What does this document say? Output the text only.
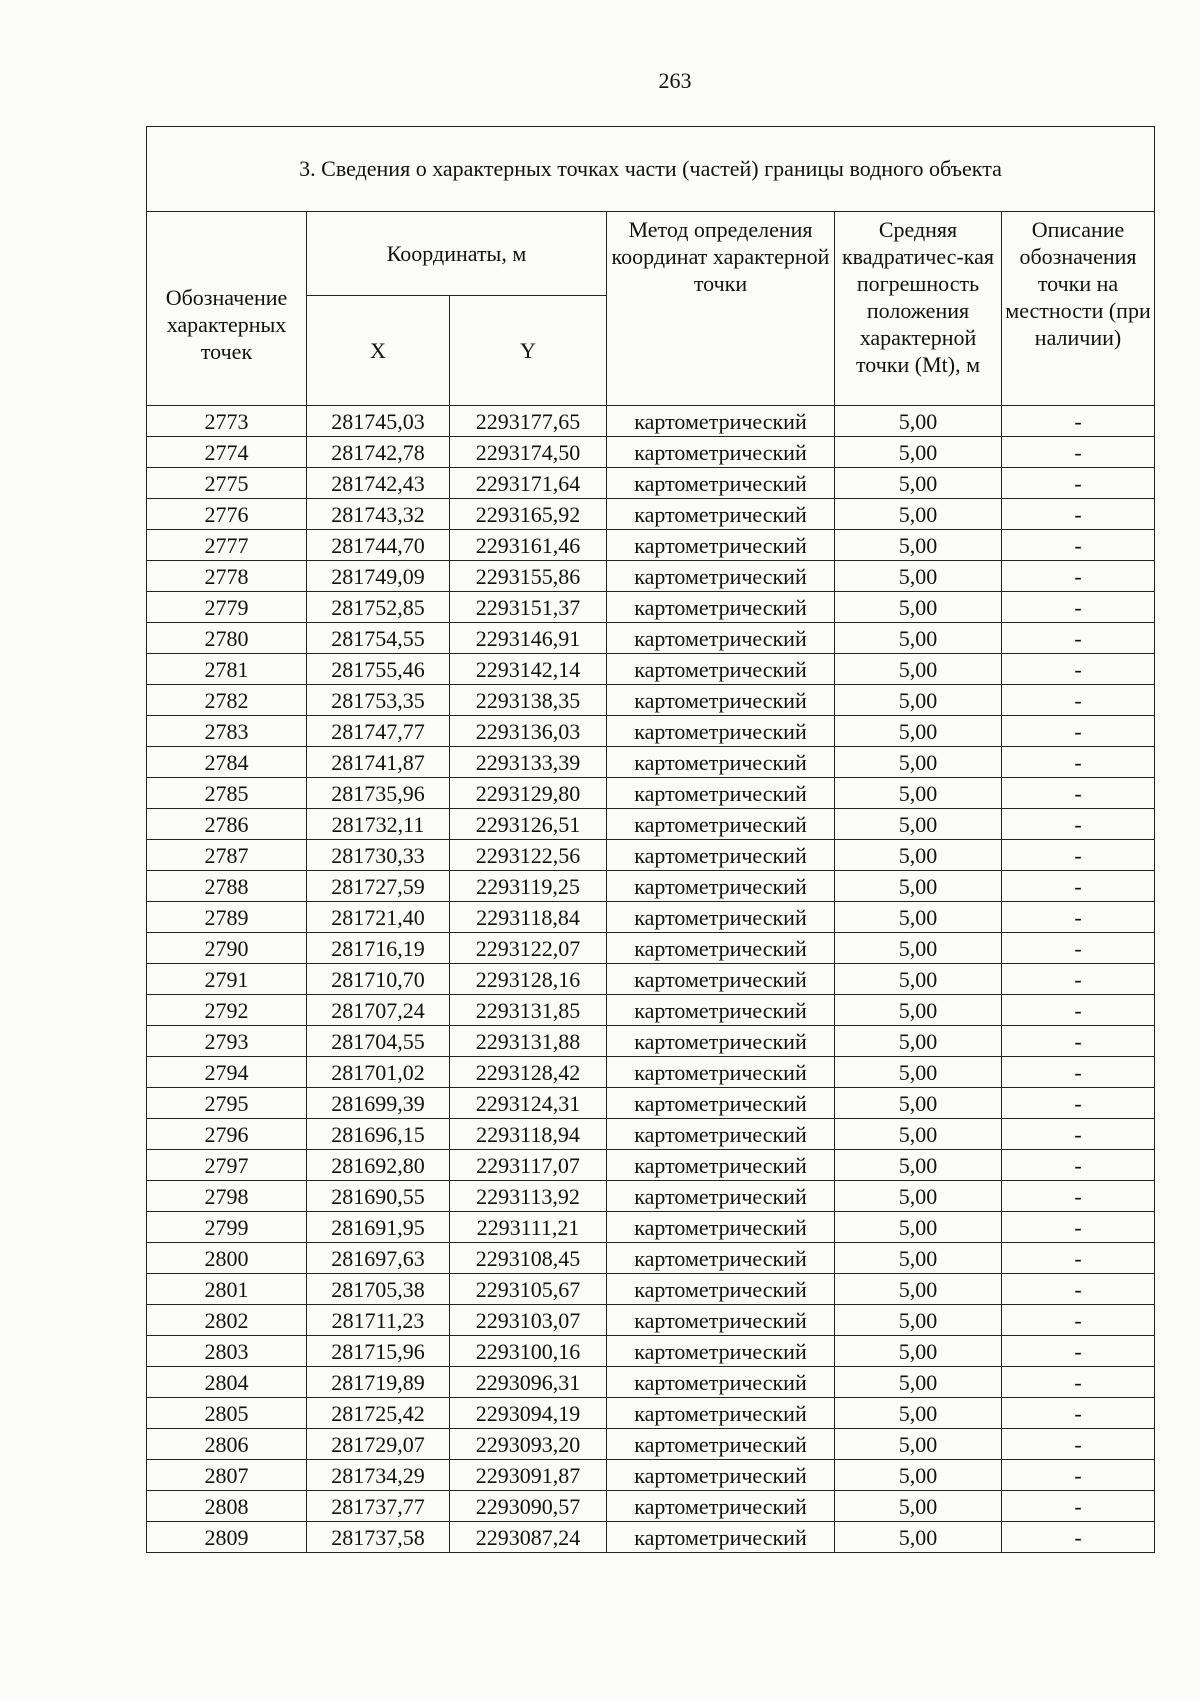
263
3. Сведения о характерных точках части (частей) границы водного объекта					
Обозначение характерных точек	Координаты, м		Метод определения координат характерной точки	Средняя квадратичес-кая погрешность положения характерной точки (Mt), м	Описание обозначения точки на местности (при наличии)
	X	Y			
2773	281745,03	2293177,65	картометрический	5,00	-
2774	281742,78	2293174,50	картометрический	5,00	-
2775	281742,43	2293171,64	картометрический	5,00	-
2776	281743,32	2293165,92	картометрический	5,00	-
2777	281744,70	2293161,46	картометрический	5,00	-
2778	281749,09	2293155,86	картометрический	5,00	-
2779	281752,85	2293151,37	картометрический	5,00	-
2780	281754,55	2293146,91	картометрический	5,00	-
2781	281755,46	2293142,14	картометрический	5,00	-
2782	281753,35	2293138,35	картометрический	5,00	-
2783	281747,77	2293136,03	картометрический	5,00	-
2784	281741,87	2293133,39	картометрический	5,00	-
2785	281735,96	2293129,80	картометрический	5,00	-
2786	281732,11	2293126,51	картометрический	5,00	-
2787	281730,33	2293122,56	картометрический	5,00	-
2788	281727,59	2293119,25	картометрический	5,00	-
2789	281721,40	2293118,84	картометрический	5,00	-
2790	281716,19	2293122,07	картометрический	5,00	-
2791	281710,70	2293128,16	картометрический	5,00	-
2792	281707,24	2293131,85	картометрический	5,00	-
2793	281704,55	2293131,88	картометрический	5,00	-
2794	281701,02	2293128,42	картометрический	5,00	-
2795	281699,39	2293124,31	картометрический	5,00	-
2796	281696,15	2293118,94	картометрический	5,00	-
2797	281692,80	2293117,07	картометрический	5,00	-
2798	281690,55	2293113,92	картометрический	5,00	-
2799	281691,95	2293111,21	картометрический	5,00	-
2800	281697,63	2293108,45	картометрический	5,00	-
2801	281705,38	2293105,67	картометрический	5,00	-
2802	281711,23	2293103,07	картометрический	5,00	-
2803	281715,96	2293100,16	картометрический	5,00	-
2804	281719,89	2293096,31	картометрический	5,00	-
2805	281725,42	2293094,19	картометрический	5,00	-
2806	281729,07	2293093,20	картометрический	5,00	-
2807	281734,29	2293091,87	картометрический	5,00	-
2808	281737,77	2293090,57	картометрический	5,00	-
2809	281737,58	2293087,24	картометрический	5,00	-
